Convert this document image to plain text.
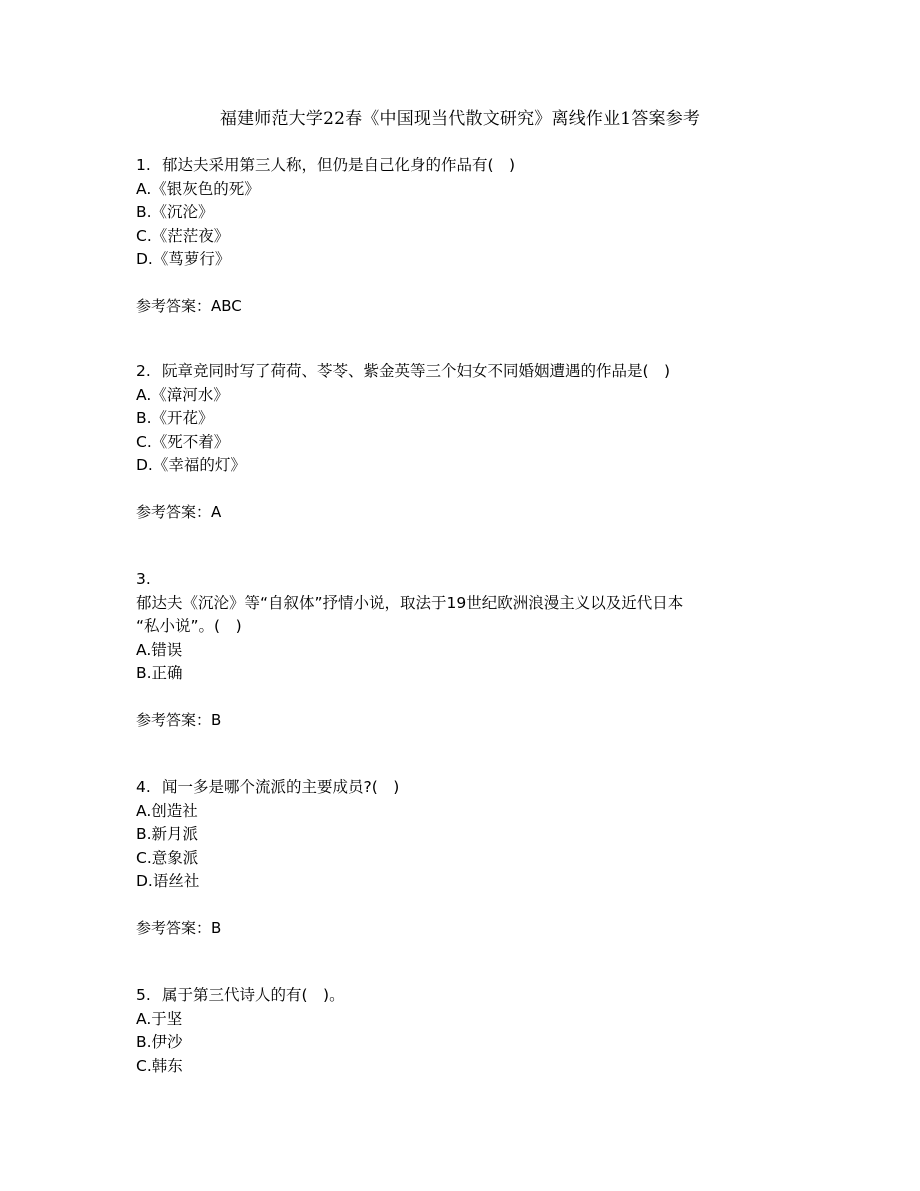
福建师范大学22春《中国现当代散文研究》离线作业1答案参考
1. 郁达夫采用第三人称，但仍是自己化身的作品有(　)
A.《银灰色的死》
B.《沉沦》
C.《茫茫夜》
D.《茑萝行》
参考答案：ABC
2. 阮章竞同时写了荷荷、苓苓、紫金英等三个妇女不同婚姻遭遇的作品是(　)
A.《漳河水》
B.《开花》
C.《死不着》
D.《幸福的灯》
参考答案：A
3.
郁达夫《沉沦》等“自叙体”抒情小说，取法于19世纪欧洲浪漫主义以及近代日本
“私小说”。(　)
A.错误
B.正确
参考答案：B
4. 闻一多是哪个流派的主要成员?(　)
A.创造社
B.新月派
C.意象派
D.语丝社
参考答案：B
5. 属于第三代诗人的有(　)。
A.于坚
B.伊沙
C.韩东
